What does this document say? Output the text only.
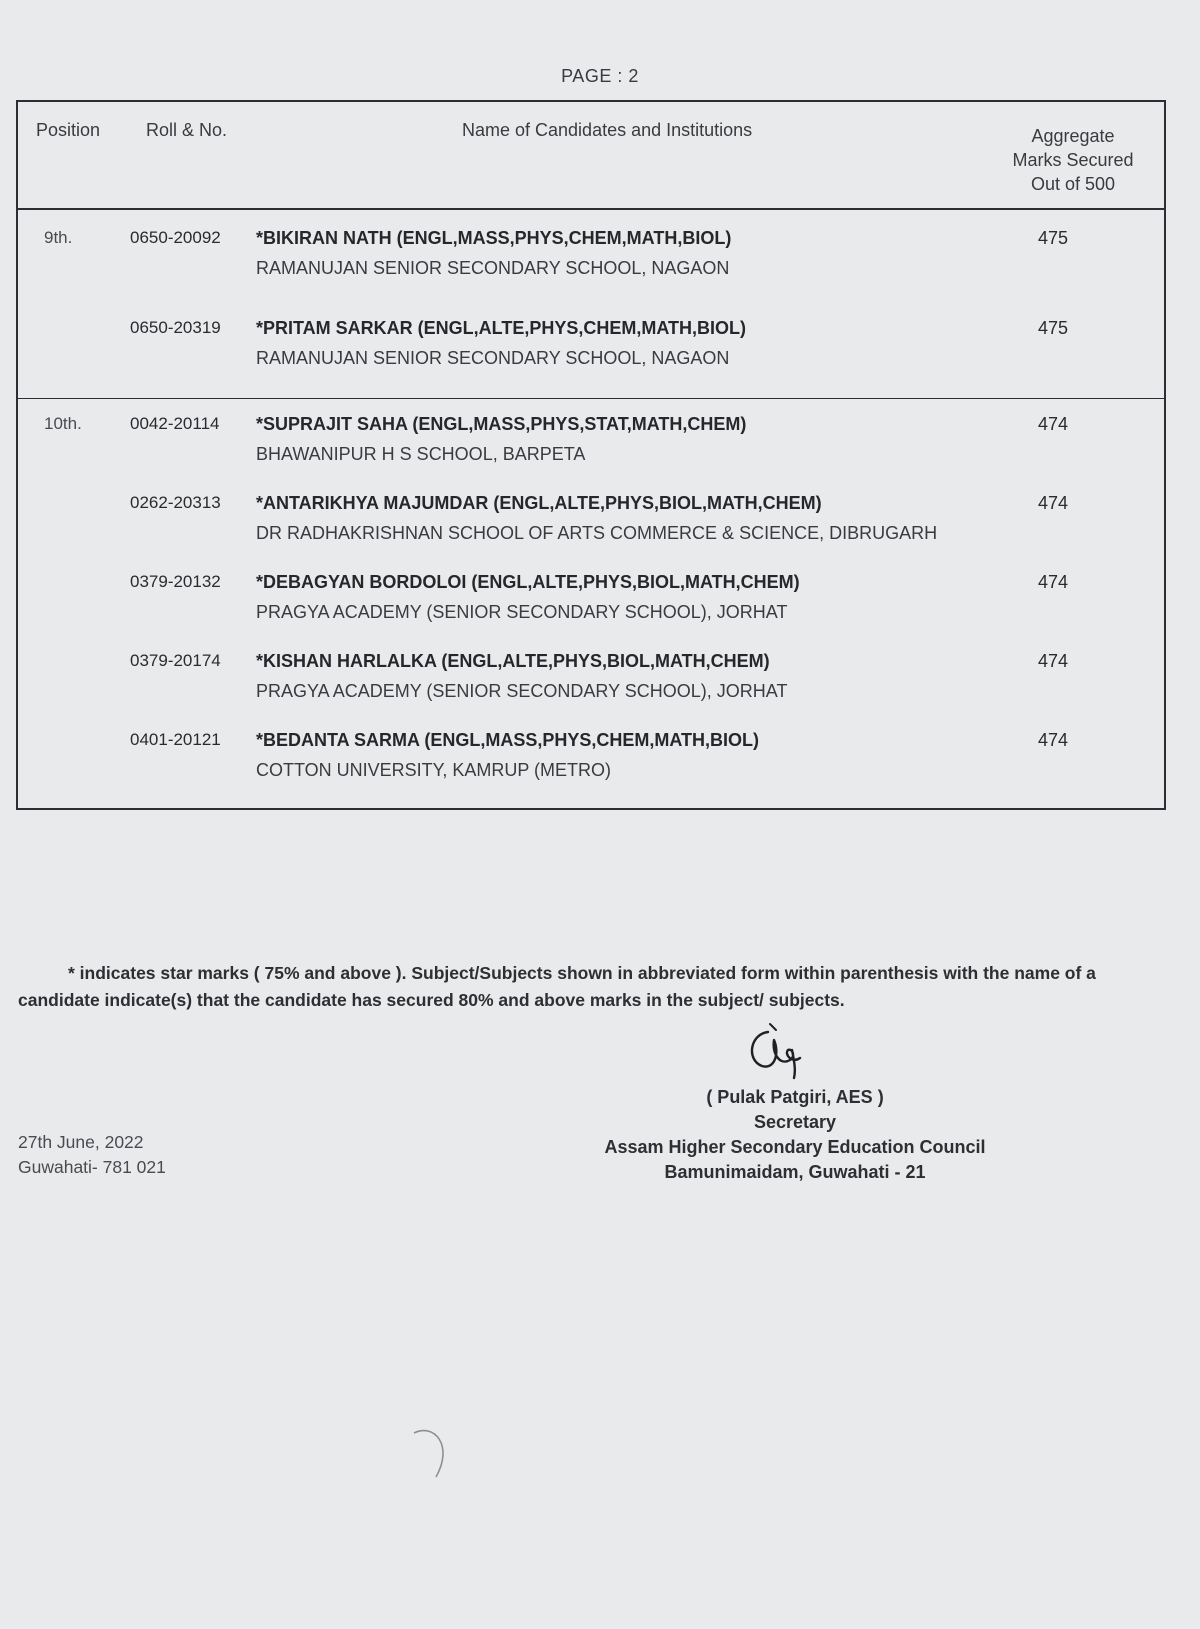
PAGE : 2
Position	Roll & No.	Name of Candidates and Institutions	Aggregate
Marks Secured
Out of 500
9th.	0650-20092 *BIKIRAN NATH (ENGL,MASS,PHYS,CHEM,MATH,BIOL)
RAMANUJAN SENIOR SECONDARY SCHOOL, NAGAON
475
0650-20319 *PRITAM SARKAR (ENGL,ALTE,PHYS,CHEM,MATH,BIOL)
RAMANUJAN SENIOR SECONDARY SCHOOL, NAGAON
475
10th.	0042-20114 *SUPRAJIT SAHA (ENGL,MASS,PHYS,STAT,MATH,CHEM)
BHAWANIPUR H S SCHOOL, BARPETA
474
0262-20313 *ANTARIKHYA MAJUMDAR (ENGL,ALTE,PHYS,BIOL,MATH,CHEM)
DR RADHAKRISHNAN SCHOOL OF ARTS COMMERCE & SCIENCE, DIBRUGARH
474
0379-20132 *DEBAGYAN BORDOLOI (ENGL,ALTE,PHYS,BIOL,MATH,CHEM)
PRAGYA ACADEMY (SENIOR SECONDARY SCHOOL), JORHAT
474
0379-20174 *KISHAN HARLALKA (ENGL,ALTE,PHYS,BIOL,MATH,CHEM)
PRAGYA ACADEMY (SENIOR SECONDARY SCHOOL), JORHAT
474
0401-20121 *BEDANTA SARMA (ENGL,MASS,PHYS,CHEM,MATH,BIOL)
COTTON UNIVERSITY, KAMRUP (METRO)
474
* indicates star marks ( 75% and above ). Subject/Subjects shown in abbreviated form within parenthesis with the name of a candidate indicate(s) that the candidate has secured 80% and above marks in the subject/ subjects.
( Pulak Patgiri, AES )
Secretary
Assam Higher Secondary Education Council
Bamunimaidam, Guwahati - 21
27th June, 2022
Guwahati- 781 021
